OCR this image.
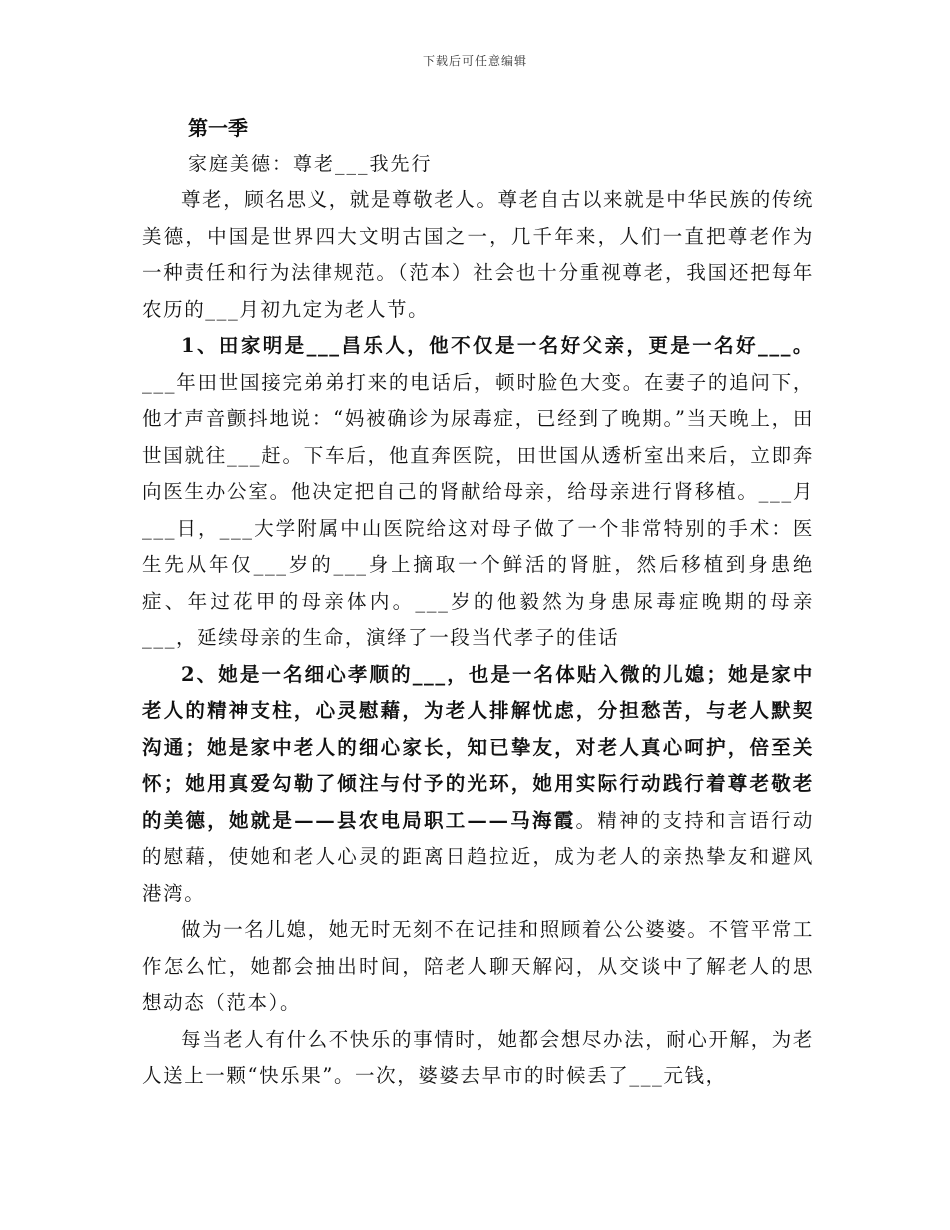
下载后可任意编辑
第一季
家庭美德：尊老___我先行

尊老，顾名思义，就是尊敬老人。尊老自古以来就是中华民族的传统美德，中国是世界四大文明古国之一，几千年来，人们一直把尊老作为一种责任和行为法律规范。（范本）社会也十分重视尊老，我国还把每年农历的___月初九定为老人节。

1、田家明是___昌乐人，他不仅是一名好父亲，更是一名好___。___年田世国接完弟弟打来的电话后，顿时脸色大变。在妻子的追问下，他才声音颤抖地说：“妈被确诊为尿毒症，已经到了晚期。”当天晚上，田世国就往___赶。下车后，他直奔医院，田世国从透析室出来后，立即奔向医生办公室。他决定把自己的肾献给母亲，给母亲进行肾移植。___月___日，___大学附属中山医院给这对母子做了一个非常特别的手术：医生先从年仅___岁的___身上摘取一个鲜活的肾脏，然后移植到身患绝症、年过花甲的母亲体内。___岁的他毅然为身患尿毒症晚期的母亲___，延续母亲的生命，演绎了一段当代孝子的佳话

2、她是一名细心孝顺的___，也是一名体贴入微的儿媳；她是家中老人的精神支柱，心灵慰藉，为老人排解忧虑，分担愁苦，与老人默契沟通；她是家中老人的细心家长，知已挚友，对老人真心呵护，倍至关怀；她用真爱勾勒了倾注与付予的光环，她用实际行动践行着尊老敬老的美德，她就是——县农电局职工——马海霞。精神的支持和言语行动的慰藉，使她和老人心灵的距离日趋拉近，成为老人的亲热挚友和避风港湾。

做为一名儿媳，她无时无刻不在记挂和照顾着公公婆婆。不管平常工作怎么忙，她都会抽出时间，陪老人聊天解闷，从交谈中了解老人的思想动态（范本）。

每当老人有什么不快乐的事情时，她都会想尽办法，耐心开解，为老人送上一颗“快乐果”。一次，婆婆去早市的时候丢了___元钱，
